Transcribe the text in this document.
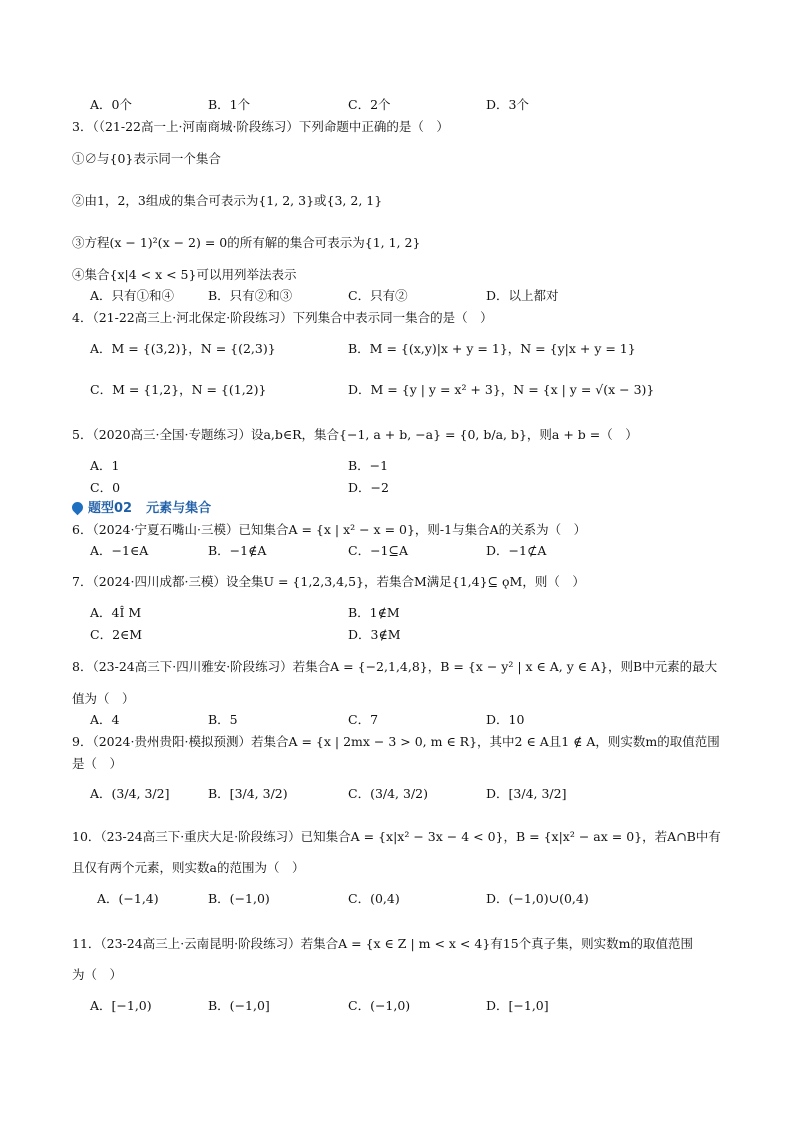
A．0个	B．1个	C．2个	D．3个
3．（（21-22高一上·河南商城·阶段练习）下列命题中正确的是（　）
①∅与{0}表示同一个集合
②由1，2，3组成的集合可表示为{1, 2, 3}或{3, 2, 1}
③方程(x − 1)²(x − 2) = 0的所有解的集合可表示为{1, 1, 2}
④集合{x|4 < x < 5}可以用列举法表示
A．只有①和④	B．只有②和③	C．只有②	D．以上都对
4．（21-22高三上·河北保定·阶段练习）下列集合中表示同一集合的是（　）
A．M = {(3,2)}，N = {(2,3)}	B．M = {(x,y)|x + y = 1}，N = {y|x + y = 1}
C．M = {1,2}，N = {(1,2)}	D．M = {y | y = x² + 3}，N = {x | y = √(x − 3)}
5．（2020高三·全国·专题练习）设a,b∈R，集合{−1, a + b, −a} = {0, b/a, b}，则a + b =（　）
A．1	B．−1
C．0	D．−2
题型02 元素与集合
6．（2024·宁夏石嘴山·三模）已知集合A = {x | x² − x = 0}，则-1与集合A的关系为（　）
A．−1∈A	B．−1∉A	C．−1⊆A	D．−1⊄A
7．（2024·四川成都·三模）设全集U = {1,2,3,4,5}，若集合M满足{1,4}⊆ ǫM，则（　）
A．4Î M	B．1∉M
C．2∈M	D．3∉M
8．（23-24高三下·四川雅安·阶段练习）若集合A = {−2,1,4,8}，B = {x − y² | x ∈ A, y ∈ A}，则B中元素的最大
值为（　）
A．4	B．5	C．7	D．10
9．（2024·贵州贵阳·模拟预测）若集合A = {x | 2mx − 3 > 0, m ∈ R}，其中2 ∈ A且1 ∉ A，则实数m的取值范围
是（　）
A．(3/4, 3/2]	B．[3/4, 3/2)	C．(3/4, 3/2)	D．[3/4, 3/2]
10．（23-24高三下·重庆大足·阶段练习）已知集合A = {x|x² − 3x − 4 < 0}，B = {x|x² − ax = 0}，若A∩B中有
且仅有两个元素，则实数a的范围为（　）
A．(−1,4)	B．(−1,0)	C．(0,4)	D．(−1,0)∪(0,4)
11．（23-24高三上·云南昆明·阶段练习）若集合A = {x ∈ Z | m < x < 4}有15个真子集，则实数m的取值范围
为（　）
A．[−1,0)	B．(−1,0]	C．(−1,0)	D．[−1,0]
